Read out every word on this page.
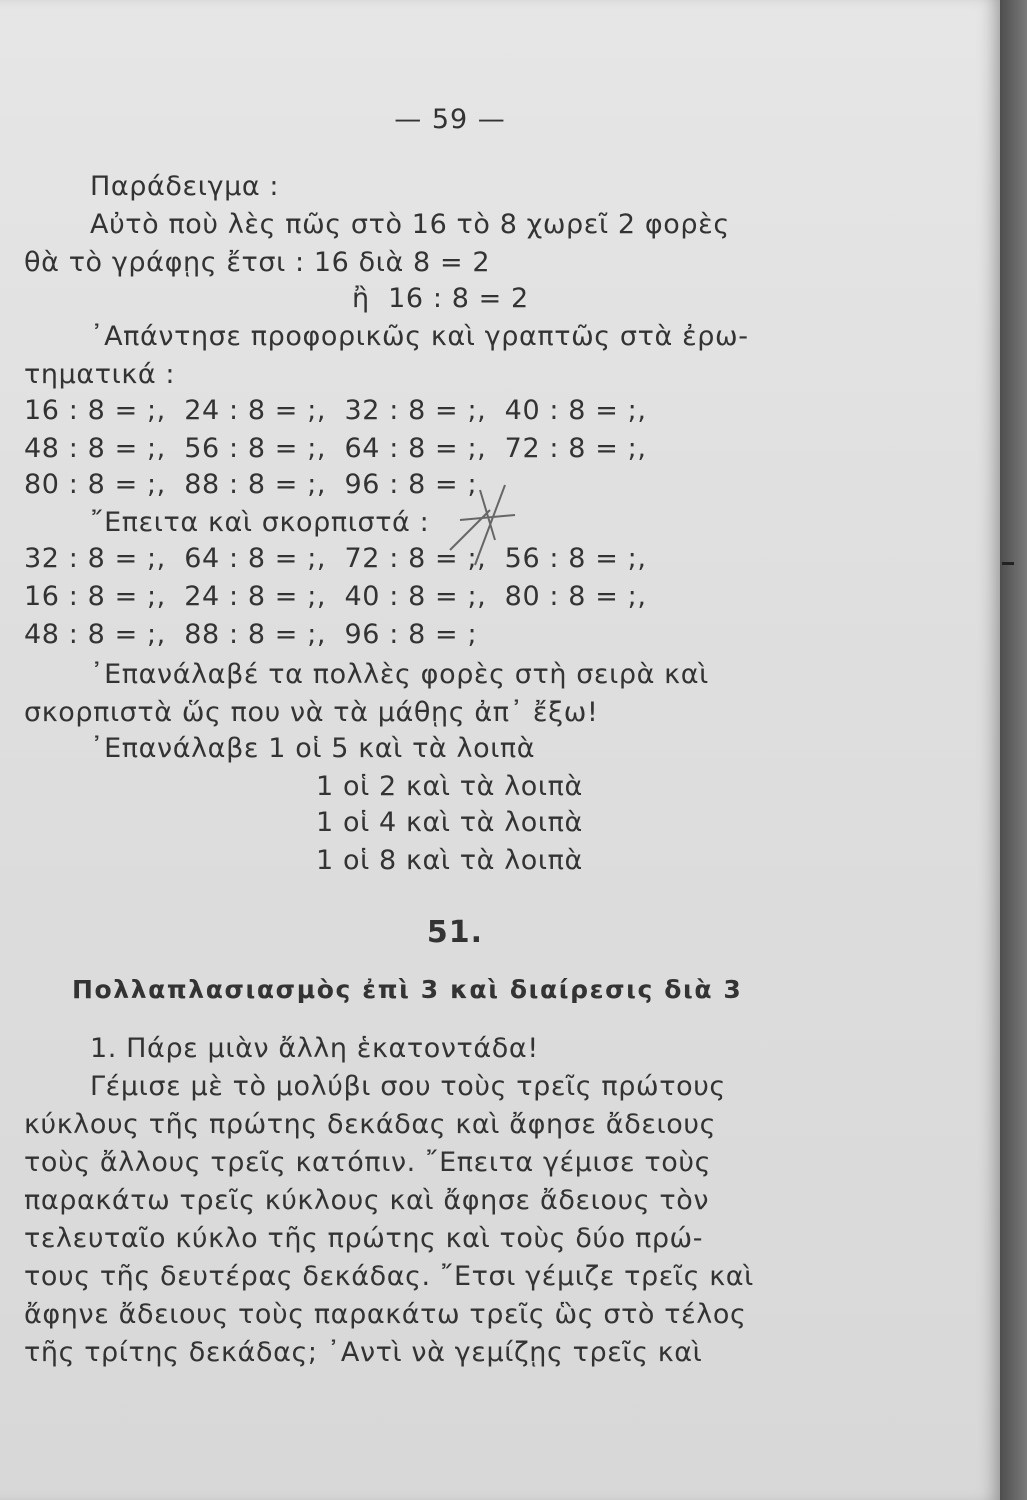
— 59 —
Παράδειγμα :
Αὐτὸ ποὺ λὲς πῶς στὸ 16 τὸ 8 χωρεῖ 2 φορὲς
θὰ τὸ γράφῃς ἔτσι : 16 διὰ 8 = 2
ἢ  16 : 8 = 2
᾿Απάντησε προφορικῶς καὶ γραπτῶς στὰ ἐρω-
τηματικά :
16 : 8 = ;,  24 : 8 = ;,  32 : 8 = ;,  40 : 8 = ;,
48 : 8 = ;,  56 : 8 = ;,  64 : 8 = ;,  72 : 8 = ;,
80 : 8 = ;,  88 : 8 = ;,  96 : 8 = ;
῎Επειτα καὶ σκορπιστά :
32 : 8 = ;,  64 : 8 = ;,  72 : 8 = ;,  56 : 8 = ;,
16 : 8 = ;,  24 : 8 = ;,  40 : 8 = ;,  80 : 8 = ;,
48 : 8 = ;,  88 : 8 = ;,  96 : 8 = ;
᾿Επανάλαβέ τα πολλὲς φορὲς στὴ σειρὰ καὶ
σκορπιστὰ ὥς που νὰ τὰ μάθῃς ἀπ᾿ ἔξω!
᾿Επανάλαβε 1 οἱ 5 καὶ τὰ λοιπὰ
1 οἱ 2 καὶ τὰ λοιπὰ
1 οἱ 4 καὶ τὰ λοιπὰ
1 οἱ 8 καὶ τὰ λοιπὰ
51.
Πολλαπλασιασμὸς ἐπὶ 3 καὶ διαίρεσις διὰ 3
1. Πάρε μιὰν ἄλλη ἑκατοντάδα!
Γέμισε μὲ τὸ μολύβι σου τοὺς τρεῖς πρώτους
κύκλους τῆς πρώτης δεκάδας καὶ ἄφησε ἄδειους
τοὺς ἄλλους τρεῖς κατόπιν. ῎Επειτα γέμισε τοὺς
παρακάτω τρεῖς κύκλους καὶ ἄφησε ἄδειους τὸν
τελευταῖο κύκλο τῆς πρώτης καὶ τοὺς δύο πρώ-
τους τῆς δευτέρας δεκάδας. ῎Ετσι γέμιζε τρεῖς καὶ
ἄφηνε ἄδειους τοὺς παρακάτω τρεῖς ὣς στὸ τέλος
τῆς τρίτης δεκάδας; ᾿Αντὶ νὰ γεμίζῃς τρεῖς καὶ
